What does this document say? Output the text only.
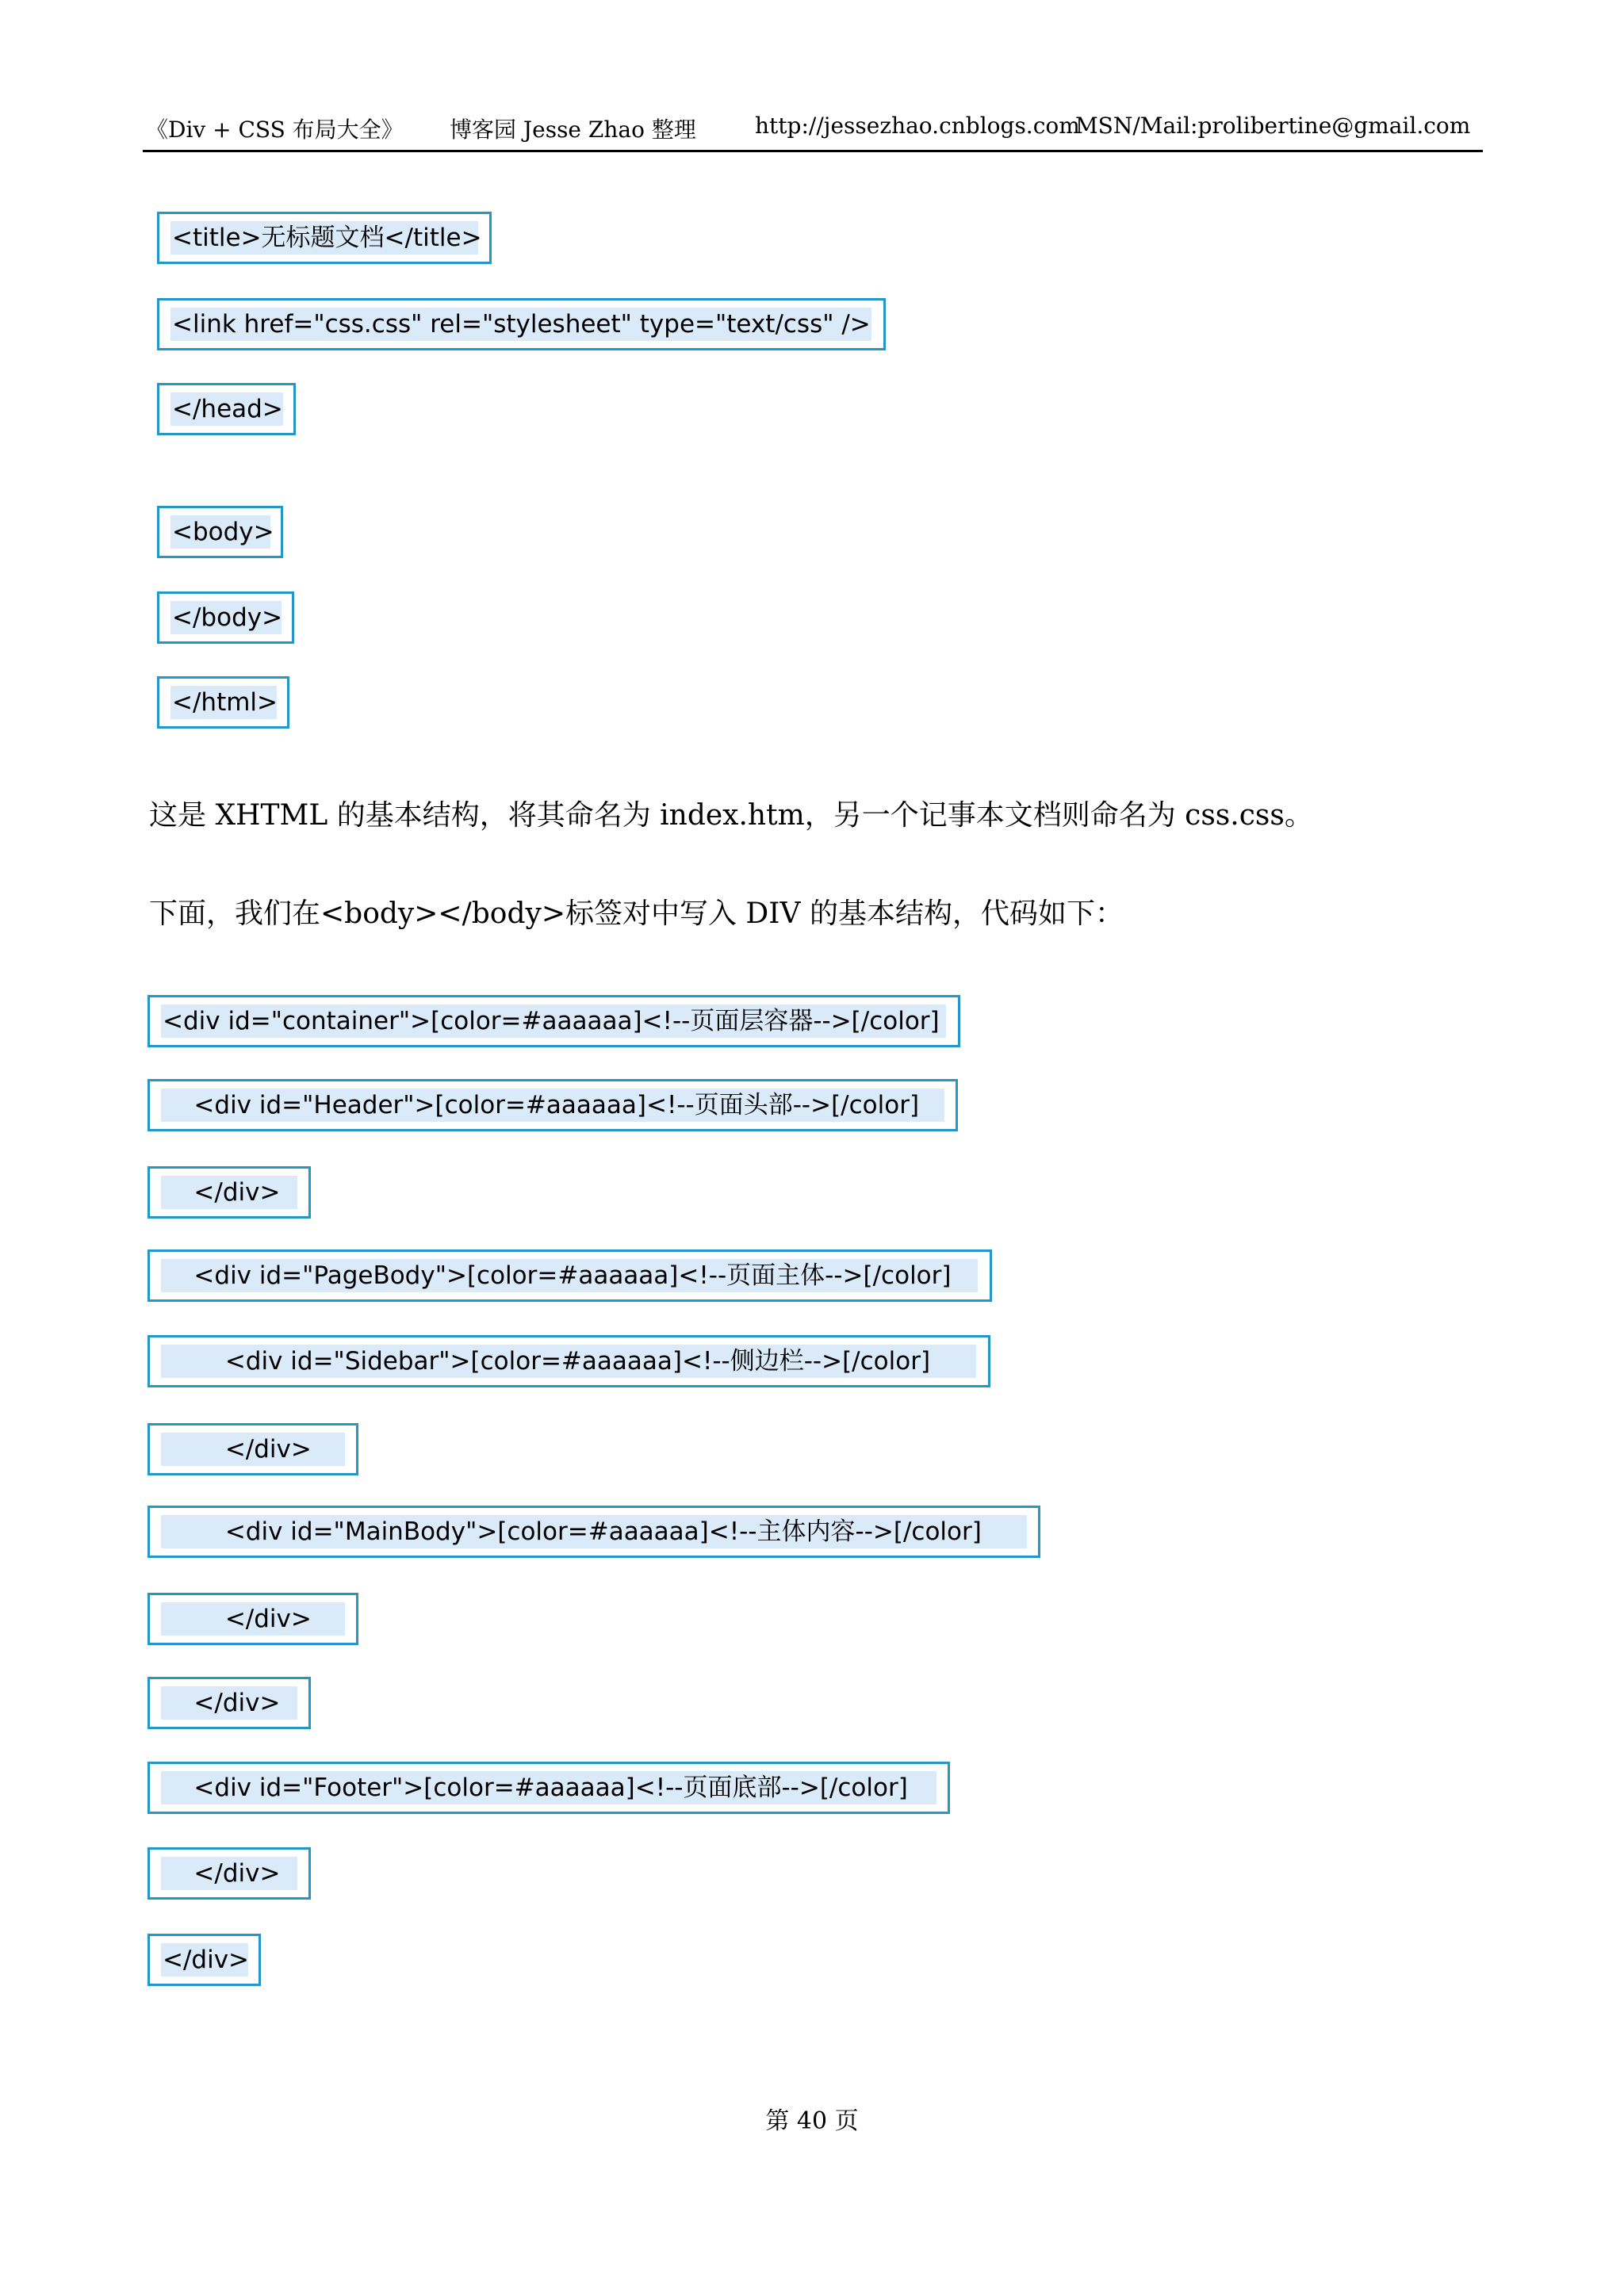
《Div + CSS 布局大全》 博客园 Jesse Zhao 整理	http://jessezhao.cnblogs.com
MSN/Mail:prolibertine@gmail.com

<title>无标题文档</title>

<link href="css.css" rel="stylesheet" type="text/css" />

</head>

<body>

</body>

</html>

这是 XHTML 的基本结构，将其命名为 index.htm，另一个记事本文档则命名为 css.css。
下面，我们在<body></body>标签对中写入 DIV 的基本结构，代码如下：

<div id="container">[color=#aaaaaa]<!--页面层容器-->[/color]

<div id="Header">[color=#aaaaaa]<!--页面头部-->[/color]

</div>

<div id="PageBody">[color=#aaaaaa]<!--页面主体-->[/color]

<div id="Sidebar">[color=#aaaaaa]<!--侧边栏-->[/color]

</div>

<div id="MainBody">[color=#aaaaaa]<!--主体内容-->[/color]

</div>

</div>

<div id="Footer">[color=#aaaaaa]<!--页面底部-->[/color]

</div>

</div>

第 40 页
